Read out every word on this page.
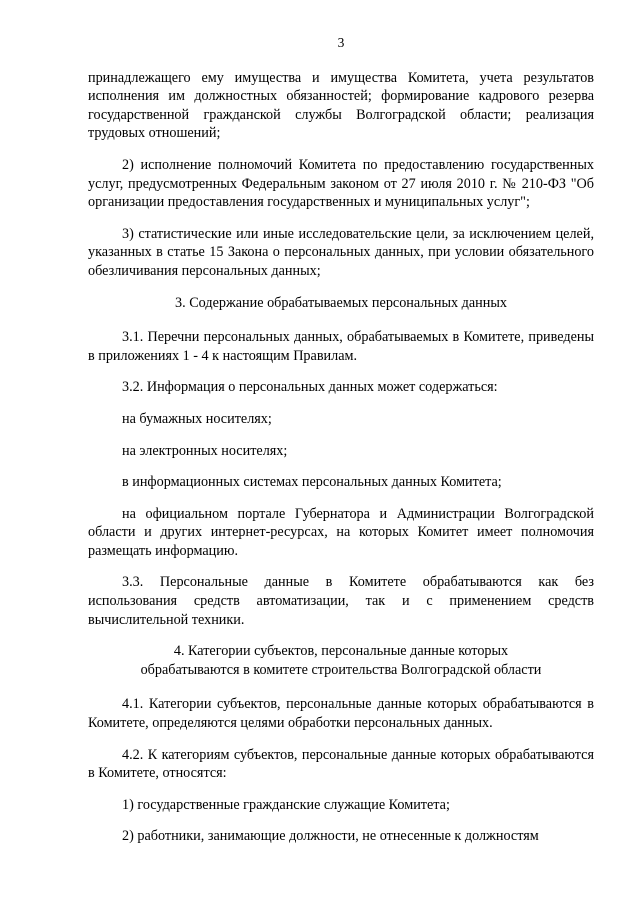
3

принадлежащего ему имущества и имущества Комитета, учета результатов исполнения им должностных обязанностей; формирование кадрового резерва государственной гражданской службы Волгоградской области; реализация трудовых отношений;

2) исполнение полномочий Комитета по предоставлению государственных услуг, предусмотренных Федеральным законом от 27 июля 2010 г. № 210-ФЗ "Об организации предоставления государственных и муниципальных услуг";

3) статистические или иные исследовательские цели, за исключением целей, указанных в статье 15 Закона о персональных данных, при условии обязательного обезличивания персональных данных;

3. Содержание обрабатываемых персональных данных

3.1. Перечни персональных данных, обрабатываемых в Комитете, приведены в приложениях 1 - 4 к настоящим Правилам.

3.2. Информация о персональных данных может содержаться:

на бумажных носителях;

на электронных носителях;

в информационных системах персональных данных Комитета;

на официальном портале Губернатора и Администрации Волгоградской области и других интернет-ресурсах, на которых Комитет имеет полномочия размещать информацию.

3.3. Персональные данные в Комитете обрабатываются как без использования средств автоматизации, так и с применением средств вычислительной техники.

4. Категории субъектов, персональные данные которых
обрабатываются в комитете строительства Волгоградской области

4.1. Категории субъектов, персональные данные которых обрабатываются в Комитете, определяются целями обработки персональных данных.

4.2. К категориям субъектов, персональные данные которых обрабатываются в Комитете, относятся:

1) государственные гражданские служащие Комитета;

2) работники, занимающие должности, не отнесенные к должностям
